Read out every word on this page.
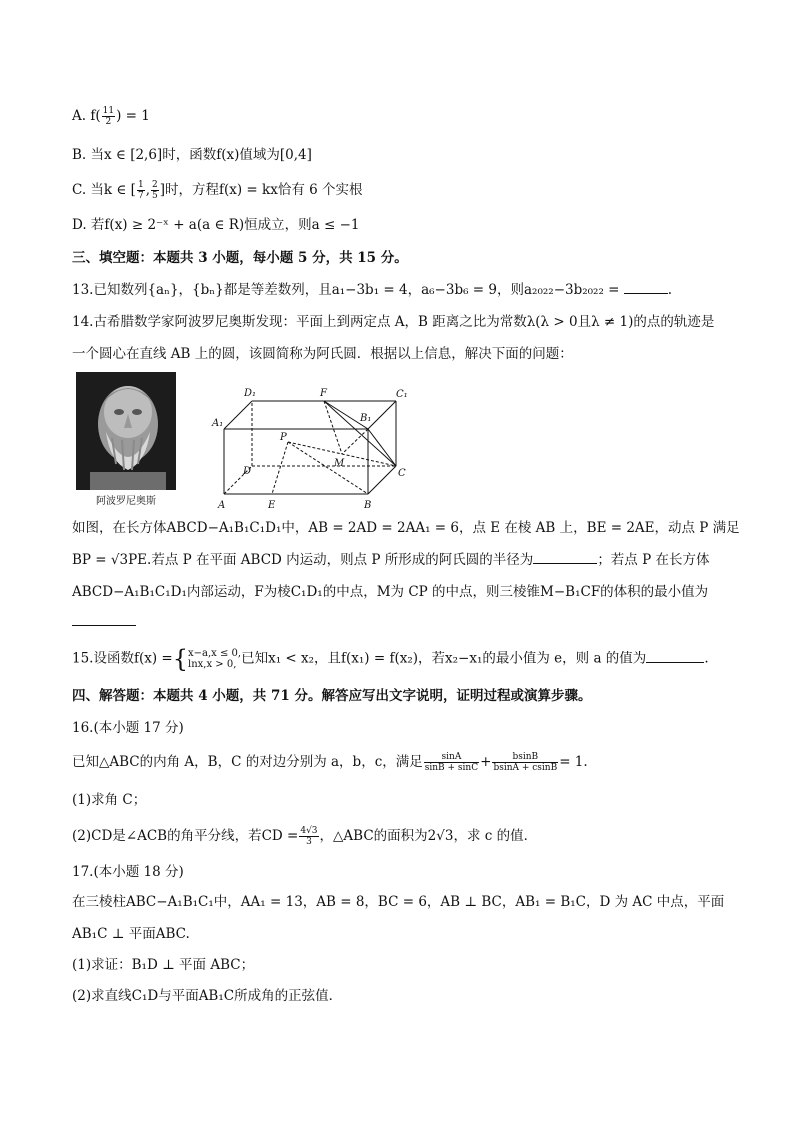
A. $f( \frac{11}{2}$ ) = 1
B. 当x ∈ [2,6]时，函数f(x)值域为[0,4]
C. 当k ∈ [ $\frac{1}{7}$ , $\frac{2}{5}$ ]时，方程f(x) = kx恰有 6 个实根
D. 若f(x) ≥ 2⁻ˣ + a(a ∈ R)恒成立，则a ≤ −1
三、填空题：本题共 3 小题，每小题 5 分，共 15 分。
13.已知数列{aₙ}，{bₙ}都是等差数列，且a₁−3b₁ = 4，a₆−3b₆ = 9，则a₂₀₂₂−3b₂₀₂₂ =	.
14.古希腊数学家阿波罗尼奥斯发现：平面上到两定点 A，B 距离之比为常数λ(λ > 0且λ ≠ 1)的点的轨迹是
一个圆心在直线 AB 上的圆，该圆简称为阿氏圆．根据以上信息，解决下面的问题：
阿波罗尼奥斯
D₁	F	C₁
B₁
A₁
P
M
D	C
A	E	B
如图，在长方体ABCD−A₁B₁C₁D₁中，AB = 2AD = 2AA₁ = 6，点 E 在棱 AB 上，BE = 2AE，动点 P 满足
BP = √3PE.若点 P 在平面 ABCD 内运动，则点 P 所形成的阿氏圆的半径为	；若点 P 在长方体
ABCD−A₁B₁C₁D₁内部运动，F为棱C₁D₁的中点，M为 CP 的中点，则三棱锥M−B₁CF的体积的最小值为
15.设函数f(x) ={ x−a,x ≤ 0,
lnx,x > 0, 已知x₁ < x₂，且f(x₁) = f(x₂)，若x₂−x₁的最小值为 e，则 a 的值为	.
四、解答题：本题共 4 小题，共 71 分。解答应写出文字说明，证明过程或演算步骤。
16.(本小题 17 分)
已知△ABC的内角 A，B，C 的对边分别为 a，b，c，满足 $\frac{\sin A}{\sin B + \sin C} + \frac{bsinB}{bsinA + csinB} = 1$.
(1)求角 C；
(2)CD是∠ACB的角平分线，若CD = $\frac{4√3}{3}$ ，△ABC的面积为2√3，求 c 的值．
17.(本小题 18 分)
在三棱柱ABC−A₁B₁C₁中，AA₁ = 13，AB = 8，BC = 6，AB ⊥ BC，AB₁ = B₁C，D 为 AC 中点，平面
AB₁C ⊥ 平面ABC.
(1)求证：B₁D ⊥ 平面 ABC；
(2)求直线C₁D与平面AB₁C所成角的正弦值．
